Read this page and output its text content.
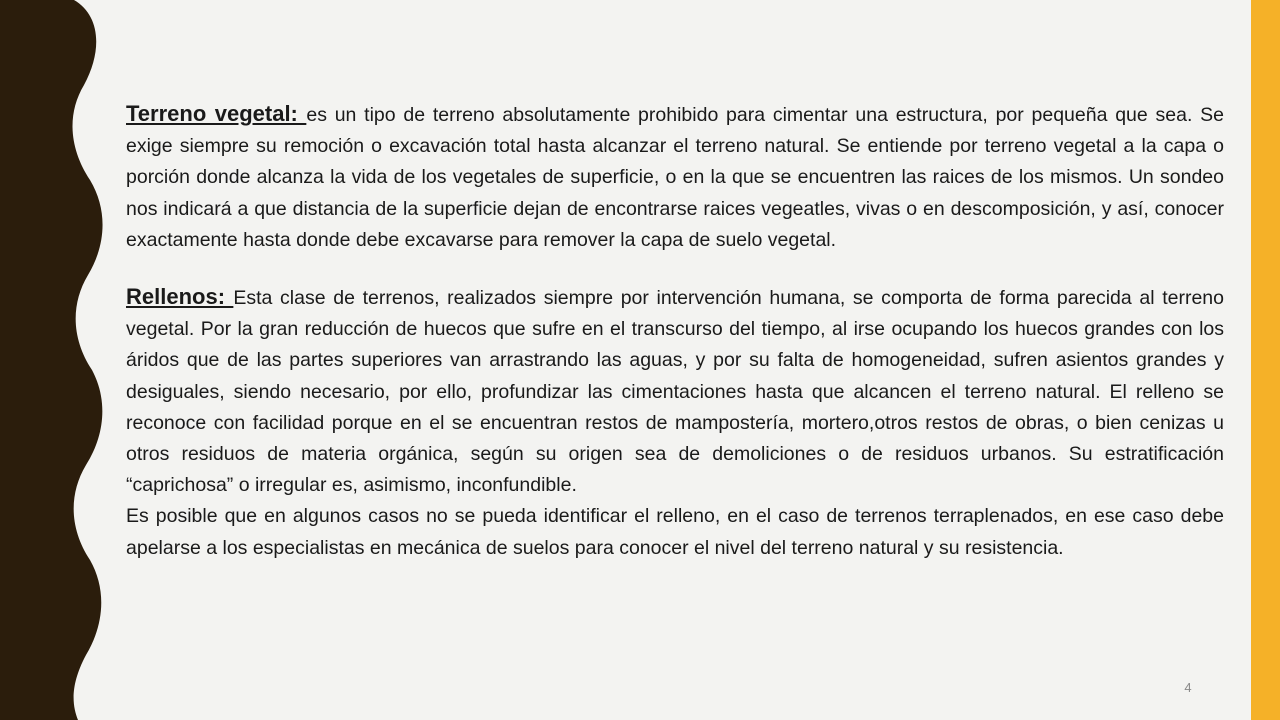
Terreno vegetal: es un tipo de terreno absolutamente prohibido para cimentar una estructura, por pequeña que sea. Se exige siempre su remoción o excavación total hasta alcanzar el terreno natural. Se entiende por terreno vegetal a la capa o porción donde alcanza la vida de los vegetales de superficie, o en la que se encuentren las raices de los mismos. Un sondeo nos indicará a que distancia de la superficie dejan de encontrarse raices vegeatles, vivas o en descomposición, y así, conocer exactamente hasta donde debe excavarse para remover la capa de suelo vegetal.

Rellenos: Esta clase de terrenos, realizados siempre por intervención humana, se comporta de forma parecida al terreno vegetal. Por la gran reducción de huecos que sufre en el transcurso del tiempo, al irse ocupando los huecos grandes con los áridos que de las partes superiores van arrastrando las aguas, y por su falta de homogeneidad, sufren asientos grandes y desiguales, siendo necesario, por ello, profundizar las cimentaciones hasta que alcancen el terreno natural. El relleno se reconoce con facilidad porque en el se encuentran restos de mampostería, mortero,otros restos de obras, o bien cenizas u otros residuos de materia orgánica, según su origen sea de demoliciones o de residuos urbanos. Su estratificación “caprichosa” o irregular es, asimismo, inconfundible.

Es posible que en algunos casos no se pueda identificar el relleno, en el caso de terrenos terraplenados, en ese caso debe apelarse a los especialistas en mecánica de suelos para conocer el nivel del terreno natural y su resistencia.

4
